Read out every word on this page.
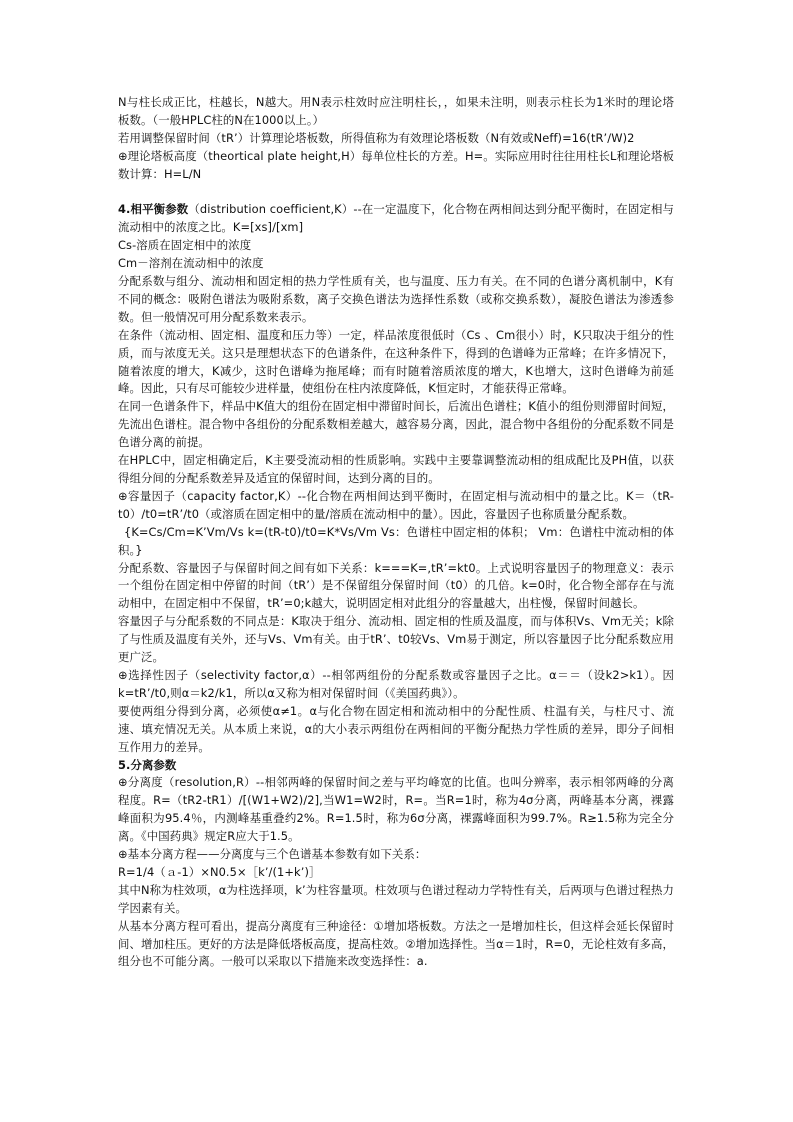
N与柱长成正比，柱越长，N越大。用N表示柱效时应注明柱长，，如果未注明，则表示柱长为1米时的理论塔板数。（一般HPLC柱的N在1000以上。）

若用调整保留时间（tR’）计算理论塔板数，所得值称为有效理论塔板数（N有效或Neff)=16(tR’/W)2

⊕理论塔板高度（theortical plate height,H）每单位柱长的方差。H=。实际应用时往往用柱长L和理论塔板数计算：H=L/N

4.相平衡参数（distribution coefficient,K）--在一定温度下，化合物在两相间达到分配平衡时，在固定相与流动相中的浓度之比。K=[xs]/[xm]

Cs-溶质在固定相中的浓度

Cm－溶剂在流动相中的浓度

分配系数与组分、流动相和固定相的热力学性质有关，也与温度、压力有关。在不同的色谱分离机制中，K有不同的概念：吸附色谱法为吸附系数，离子交换色谱法为选择性系数（或称交换系数），凝胶色谱法为渗透参数。但一般情况可用分配系数来表示。

在条件（流动相、固定相、温度和压力等）一定，样品浓度很低时（Cs 、Cm很小）时，K只取决于组分的性质，而与浓度无关。这只是理想状态下的色谱条件，在这种条件下，得到的色谱峰为正常峰；在许多情况下，随着浓度的增大，K减少，这时色谱峰为拖尾峰；而有时随着溶质浓度的增大，K也增大，这时色谱峰为前延峰。因此，只有尽可能较少进样量，使组份在柱内浓度降低，K恒定时，才能获得正常峰。

在同一色谱条件下，样品中K值大的组份在固定相中滞留时间长，后流出色谱柱；K值小的组份则滞留时间短，先流出色谱柱。混合物中各组份的分配系数相差越大，越容易分离，因此，混合物中各组份的分配系数不同是色谱分离的前提。

在HPLC中，固定相确定后，K主要受流动相的性质影响。实践中主要靠调整流动相的组成配比及PH值，以获得组分间的分配系数差异及适宜的保留时间，达到分离的目的。

⊕容量因子（capacity factor,K）--化合物在两相间达到平衡时，在固定相与流动相中的量之比。K＝（tR-t0）/t0=tR’/t0（或溶质在固定相中的量/溶质在流动相中的量）。因此，容量因子也称质量分配系数。

{K=Cs/Cm=K’Vm/Vs k=(tR-t0)/t0=K*Vs/Vm Vs：色谱柱中固定相的体积； Vm：色谱柱中流动相的体积。}

分配系数、容量因子与保留时间之间有如下关系：k===K=,tR’=kt0。上式说明容量因子的物理意义：表示一个组份在固定相中停留的时间（tR’）是不保留组分保留时间（t0）的几倍。k=0时，化合物全部存在与流动相中，在固定相中不保留，tR’=0;k越大，说明固定相对此组分的容量越大，出柱慢，保留时间越长。

容量因子与分配系数的不同点是：K取决于组分、流动相、固定相的性质及温度，而与体积Vs、Vm无关；k除了与性质及温度有关外，还与Vs、Vm有关。由于tR’、t0较Vs、Vm易于测定，所以容量因子比分配系数应用更广泛。

⊕选择性因子（selectivity factor,α）--相邻两组份的分配系数或容量因子之比。α＝＝（设k2>k1）。因k=tR’/t0,则α＝k2/k1，所以α又称为相对保留时间（《美国药典》）。

要使两组分得到分离，必须使α≠1。α与化合物在固定相和流动相中的分配性质、柱温有关，与柱尺寸、流速、填充情况无关。从本质上来说，α的大小表示两组份在两相间的平衡分配热力学性质的差异，即分子间相互作用力的差异。

5.分离参数

⊕分离度（resolution,R）--相邻两峰的保留时间之差与平均峰宽的比值。也叫分辨率，表示相邻两峰的分离程度。R=（tR2-tR1）/[(W1+W2)/2],当W1=W2时，R=。当R=1时，称为4σ分离，两峰基本分离，裸露峰面积为95.4％，内测峰基重叠约2%。R=1.5时，称为6σ分离，裸露峰面积为99.7%。R≥1.5称为完全分离。《中国药典》规定R应大于1.5。

⊕基本分离方程——分离度与三个色谱基本参数有如下关系：

R=1/4（ａ-1）×N0.5×［k’/(1+k’)］

其中N称为柱效项，α为柱选择项，k’为柱容量项。柱效项与色谱过程动力学特性有关，后两项与色谱过程热力学因素有关。

从基本分离方程可看出，提高分离度有三种途径：①增加塔板数。方法之一是增加柱长，但这样会延长保留时间、增加柱压。更好的方法是降低塔板高度，提高柱效。②增加选择性。当α＝1时，R=0，无论柱效有多高，组分也不可能分离。一般可以采取以下措施来改变选择性：a.
